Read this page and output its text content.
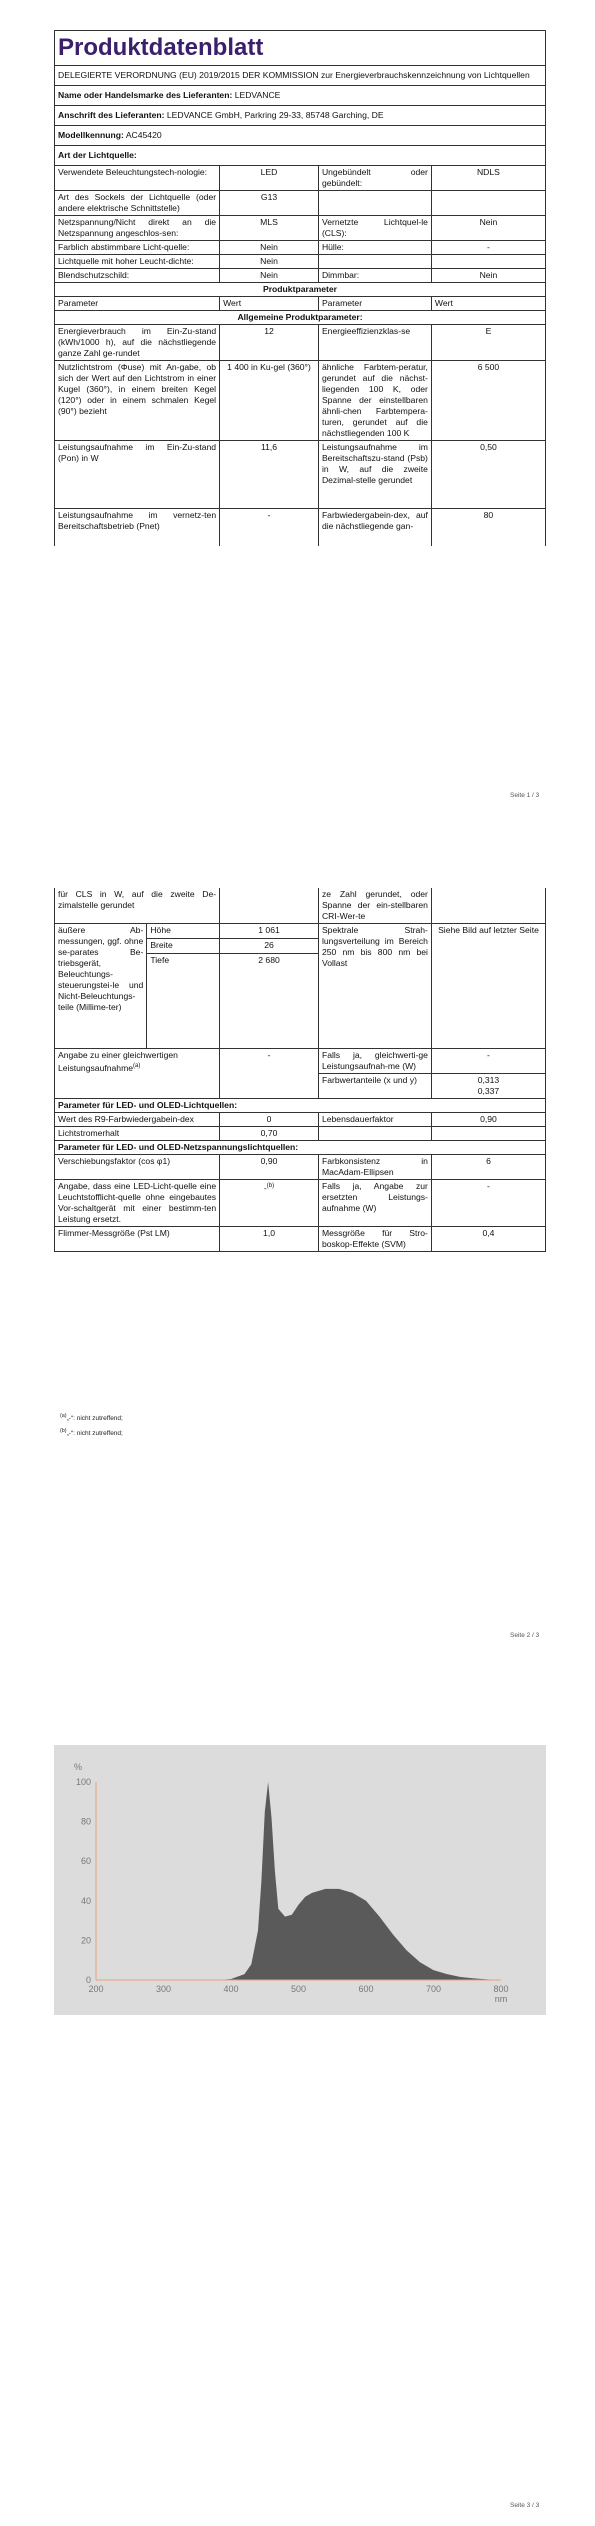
Produktdatenblatt			
DELEGIERTE VERORDNUNG (EU) 2019/2015 DER KOMMISSION zur Energieverbrauchskennzeichnung von Lichtquellen			
Name oder Handelsmarke des Lieferanten: LEDVANCE			
Anschrift des Lieferanten: LEDVANCE GmbH, Parkring 29-33, 85748 Garching, DE			
Modellkennung: AC45420			
Art der Lichtquelle:			
Verwendete Beleuchtungstech-nologie:	LED	Ungebündelt oder gebündelt:	NDLS
Art des Sockels der Lichtquelle (oder andere elektrische Schnittstelle)	G13		
Netzspannung/Nicht direkt an die Netzspannung angeschlos-sen:	MLS	Vernetzte Lichtquel-le (CLS):	Nein
Farblich abstimmbare Licht-quelle:	Nein	Hülle:	-
Lichtquelle mit hoher Leucht-dichte:	Nein		
Blendschutzschild:	Nein	Dimmbar:	Nein
Produktparameter			
Parameter	Wert	Parameter	Wert
Allgemeine Produktparameter:			
Energieverbrauch im Ein-Zu-stand (kWh/1000 h), auf die nächstliegende ganze Zahl ge-rundet	12	Energieeffizienzklas-se	E
Nutzlichtstrom (Φuse) mit An-gabe, ob sich der Wert auf den Lichtstrom in einer Kugel (360°), in einem breiten Kegel (120°) oder in einem schmalen Kegel (90°) bezieht	1 400 in Ku-gel (360°)	ähnliche Farbtem-peratur, gerundet auf die nächst-liegenden 100 K, oder Spanne der einstellbaren ähnli-chen Farbtempera-turen, gerundet auf die nächstliegenden 100 K	6 500
Leistungsaufnahme im Ein-Zu-stand (Pon) in W	11,6	Leistungsaufnahme im Bereitschaftszu-stand (Psb) in W, auf die zweite Dezimal-stelle gerundet	0,50
Leistungsaufnahme im vernetz-ten Bereitschaftsbetrieb (Pnet)	-	Farbwiedergabein-dex, auf die nächstliegende gan-	80
Seite 1 / 3
für CLS in W, auf die zweite De-zimalstelle gerundet			ze Zahl gerundet, oder Spanne der ein-stellbaren CRI-Wer-te	
äußere Ab-messungen, ggf. ohne se-parates Be-triebsgerät, Beleuchtungs-steuerungstei-le und Nicht-Beleuchtungs-teile (Millime-ter)	Höhe	1 061	Spektrale Strah-lungsverteilung im Bereich 250 nm bis 800 nm bei Vollast	Siehe Bild auf letzter Seite
	Breite	26		
	Tiefe	2 680		
Angabe zu einer gleichwertigen Leistungsaufnahme$^{(a)}$		-	Falls ja, gleichwerti-ge Leistungsaufnah-me (W)	-
			Farbwertanteile (x und y)	0,313
0,337

Parameter für LED- und OLED-Lichtquellen:				
Wert des R9-Farbwiedergabein-dex		0	Lebensdauerfaktor	0,90
Lichtstromerhalt		0,70		
Parameter für LED- und OLED-Netzspannungslichtquellen:				
Verschiebungsfaktor (cos φ1)		0,90	Farbkonsistenz in MacAdam-Ellipsen	6
Angabe, dass eine LED-Licht-quelle eine Leuchtstofflicht-quelle ohne eingebautes Vor-schaltgerät mit einer bestimm-ten Leistung ersetzt.		-$^{(b)}$	Falls ja, Angabe zur ersetzten Leistungs-aufnahme (W)	-
Flimmer-Messgröße (Pst LM)		1,0	Messgröße für Stro-boskop-Effekte (SVM)	0,4
$^{(a)}$„-“: nicht zutreffend;
$^{(b)}$„-“: nicht zutreffend;
Seite 2 / 3
0
20
40
60
80
100
200	300	400	500	600	700	800
%
nm
Seite 3 / 3
